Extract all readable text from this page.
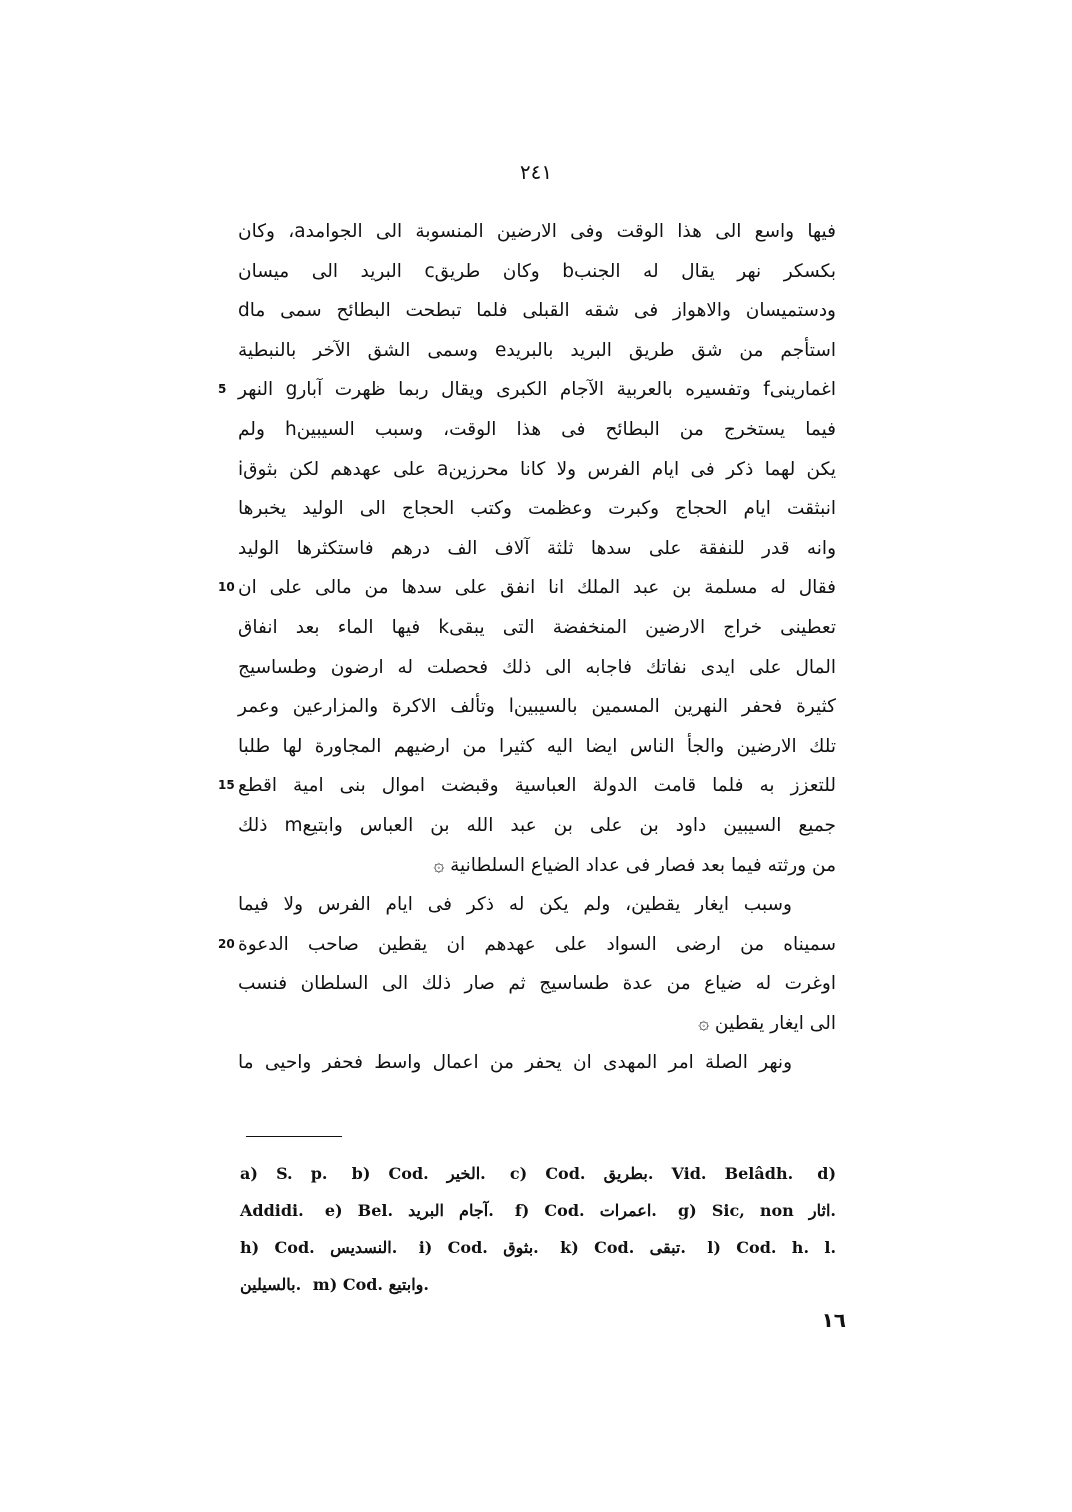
٢٤١
فيها واسع الى هذا الوقت وفى الارضين المنسوبة الى الجوامدa، وكان
بكسكر نهر يقال له الجنبb وكان طريقc البريد الى ميسان
ودستميسان والاهواز فى شقه القبلى فلما تبطحت البطائح سمى ماd
استأجم من شق طريق البريد بالبريدe وسمى الشق الآخر بالنبطية
اغمارينىf وتفسيره بالعربية الآجام الكبرى ويقال ربما ظهرت آبارg النهر
5
فيما يستخرج من البطائح فى هذا الوقت، وسبب السيبينh ولم
يكن لهما ذكر فى ايام الفرس ولا كانا محرزينa على عهدهم لكن بثوقi
انبثقت ايام الحجاج وكبرت وعظمت وكتب الحجاج الى الوليد يخبرها
وانه قدر للنفقة على سدها ثلثة آلاف الف درهم فاستكثرها الوليد
فقال له مسلمة بن عبد الملك انا انفق على سدها من مالى على ان
10
تعطينى خراج الارضين المنخفضة التى يبقىk فيها الماء بعد انفاق
المال على ايدى نفاتك فاجابه الى ذلك فحصلت له ارضون وطساسيج
كثيرة فحفر النهرين المسمين بالسيبينl وتألف الاكرة والمزارعين وعمر
تلك الارضين والجأ الناس ايضا اليه كثيرا من ارضيهم المجاورة لها طلبا
للتعزز به فلما قامت الدولة العباسية وقبضت اموال بنى امية اقطع
15
جميع السيبين داود بن على بن عبد الله بن العباس وابتيعm ذلك
من ورثته فيما بعد فصار فى عداد الضياع السلطانية ۞
وسبب ايغار يقطين، ولم يكن له ذكر فى ايام الفرس ولا فيما
سميناه من ارضى السواد على عهدهم ان يقطين صاحب الدعوة
20
اوغرت له ضياع من عدة طساسيج ثم صار ذلك الى السلطان فنسب
الى ايغار يقطين ۞
ونهر الصلة امر المهدى ان يحفر من اعمال واسط فحفر واحيى ما
a) S. p. b) Cod. الخير. c) Cod. بطريق. Vid. Belâdh. d)
Addidi. e) Bel. آجام البريد. f) Cod. اعمرات. g) Sic, non اثار.
h) Cod. النسديس. i) Cod. بثوق. k) Cod. تبقى. l) Cod. h. l.
بالسيلين. m) Cod. وابتيع.
١٦
